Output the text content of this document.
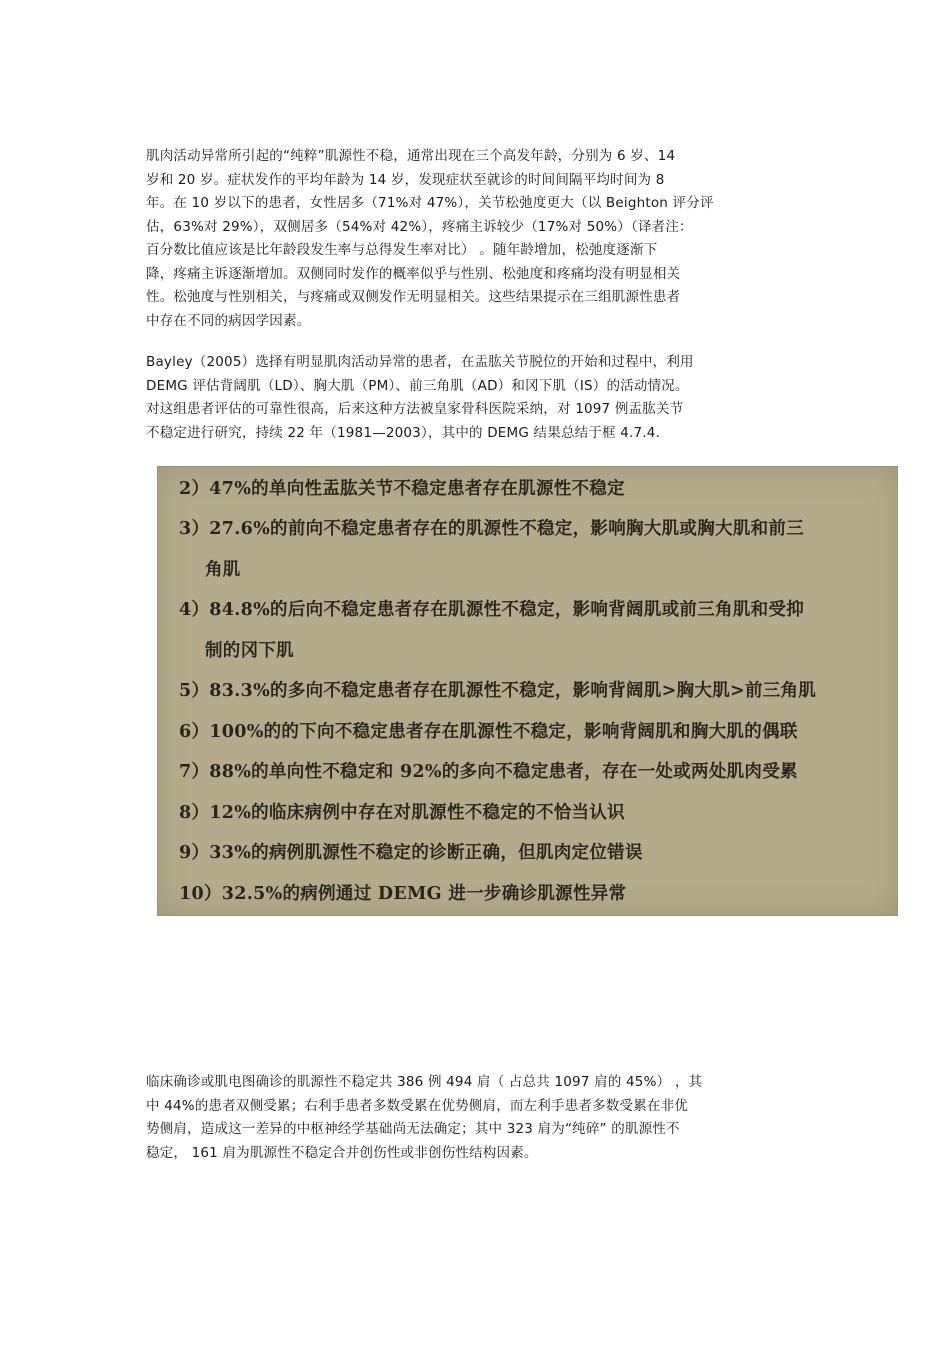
肌肉活动异常所引起的“纯粹”肌源性不稳，通常出现在三个高发年龄，分别为 6 岁、14
岁和 20 岁。症状发作的平均年龄为 14 岁，发现症状至就诊的时间间隔平均时间为 8
年。在 10 岁以下的患者，女性居多（71%对 47%），关节松弛度更大（以 Beighton 评分评
估，63%对 29%），双侧居多（54%对 42%），疼痛主诉较少（17%对 50%）（译者注：
百分数比值应该是比年龄段发生率与总得发生率对比） 。随年龄增加，松弛度逐渐下
降，疼痛主诉逐渐增加。双侧同时发作的概率似乎与性别、松弛度和疼痛均没有明显相关
性。松弛度与性别相关，与疼痛或双侧发作无明显相关。这些结果提示在三组肌源性患者
中存在不同的病因学因素。
Bayley（2005）选择有明显肌肉活动异常的患者，在盂肱关节脱位的开始和过程中，利用
DEMG 评估背阔肌（LD）、胸大肌（PM）、前三角肌（AD）和冈下肌（IS）的活动情况。
对这组患者评估的可靠性很高，后来这种方法被皇家骨科医院采纳，对 1097 例盂肱关节
不稳定进行研究，持续 22 年（1981—2003），其中的 DEMG 结果总结于框 4.7.4.
2）47%的单向性盂肱关节不稳定患者存在肌源性不稳定
3）27.6%的前向不稳定患者存在的肌源性不稳定，影响胸大肌或胸大肌和前三
角肌
4）84.8%的后向不稳定患者存在肌源性不稳定，影响背阔肌或前三角肌和受抑
制的冈下肌
5）83.3%的多向不稳定患者存在肌源性不稳定，影响背阔肌>胸大肌>前三角肌
6）100%的的下向不稳定患者存在肌源性不稳定，影响背阔肌和胸大肌的偶联
7）88%的单向性不稳定和 92%的多向不稳定患者，存在一处或两处肌肉受累
8）12%的临床病例中存在对肌源性不稳定的不恰当认识
9）33%的病例肌源性不稳定的诊断正确，但肌肉定位错误
10）32.5%的病例通过 DEMG 进一步确诊肌源性异常
临床确诊或肌电图确诊的肌源性不稳定共 386 例 494 肩（ 占总共 1097 肩的 45%） ，其
中 44%的患者双侧受累；右利手患者多数受累在优势侧肩，而左利手患者多数受累在非优
势侧肩，造成这一差异的中枢神经学基础尚无法确定；其中 323 肩为“纯碎” 的肌源性不
稳定， 161 肩为肌源性不稳定合并创伤性或非创伤性结构因素。
